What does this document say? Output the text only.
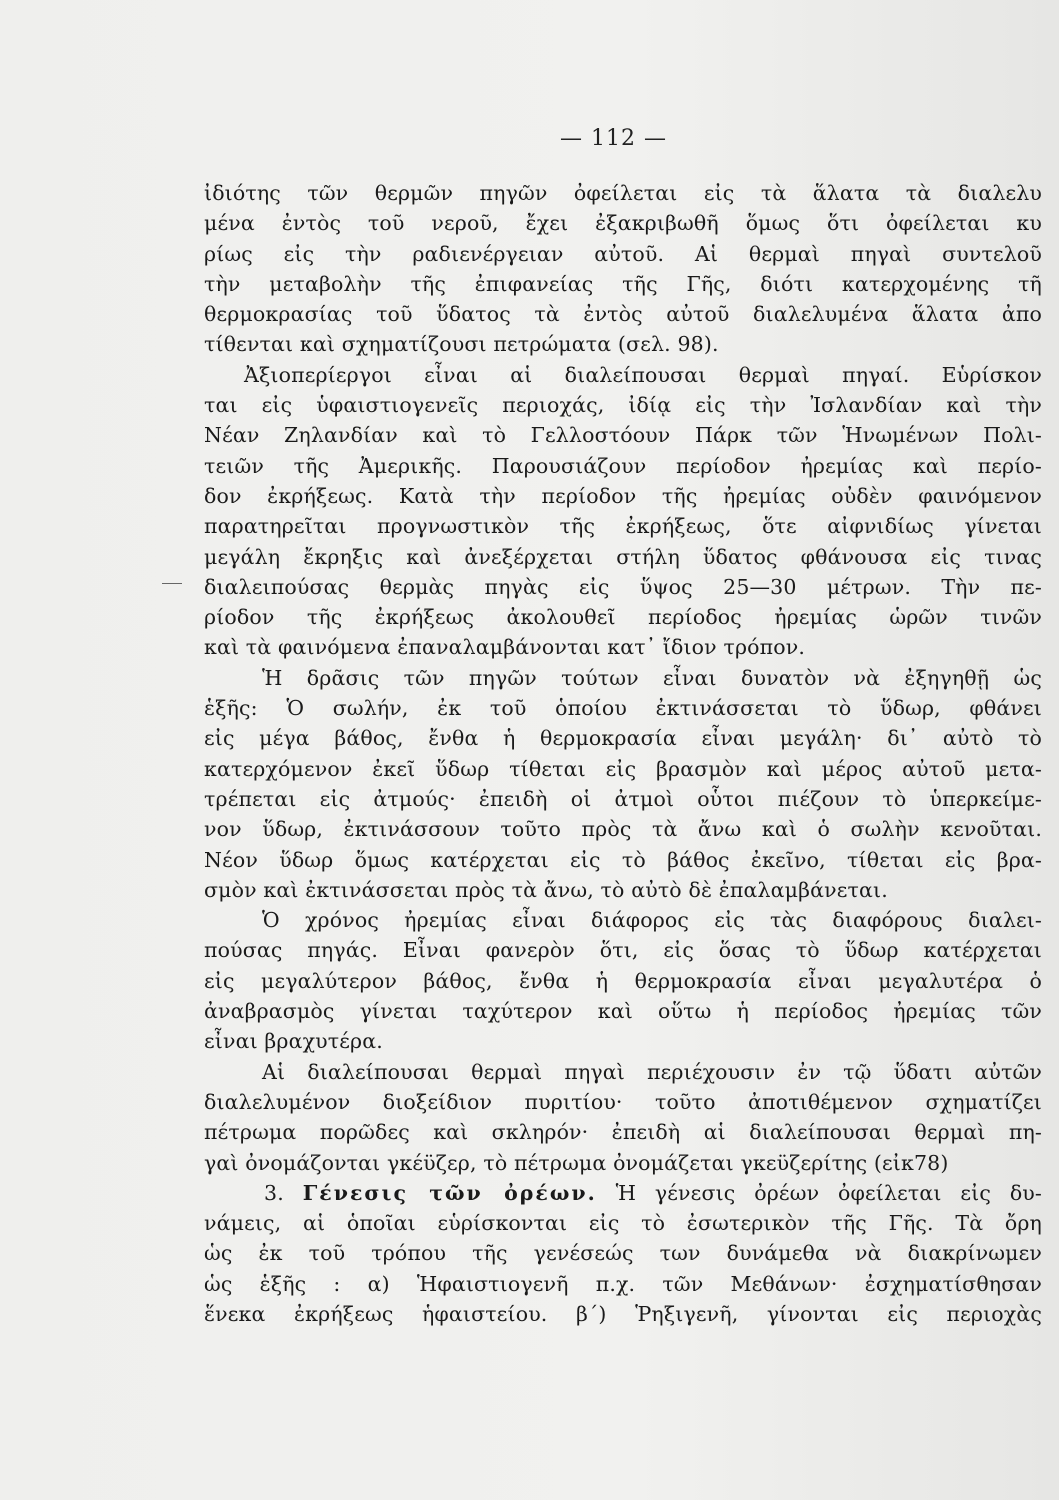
— 112 —
ἰδιότης τῶν θερμῶν πηγῶν ὀφείλεται εἰς τὰ ἅλατα τὰ διαλελυ
μένα ἐντὸς τοῦ νεροῦ, ἔχει ἐξακριβωθῆ ὅμως ὅτι ὀφείλεται κυ
ρίως εἰς τὴν ραδιενέργειαν αὐτοῦ. Αἱ θερμαὶ πηγαὶ συντελοῦ
τὴν μεταβολὴν τῆς ἐπιφανείας τῆς Γῆς, διότι κατερχομένης τῆ
θερμοκρασίας τοῦ ὕδατος τὰ ἐντὸς αὐτοῦ διαλελυμένα ἅλατα ἀπο
τίθενται καὶ σχηματίζουσι πετρώματα (σελ. 98).
Ἀξιοπερίεργοι εἶναι αἱ διαλείπουσαι θερμαὶ πηγαί. Εὑρίσκον
ται εἰς ὑφαιστιογενεῖς περιοχάς, ἰδίᾳ εἰς τὴν Ἰσλανδίαν καὶ τὴν
Νέαν Ζηλανδίαν καὶ τὸ Γελλοστόουν Πάρκ τῶν Ἡνωμένων Πολι-
τειῶν τῆς Ἀμερικῆς. Παρουσιάζουν περίοδον ἠρεμίας καὶ περίο-
δον ἐκρήξεως. Κατὰ τὴν περίοδον τῆς ἠρεμίας οὐδὲν φαινόμενον
παρατηρεῖται προγνωστικὸν τῆς ἐκρήξεως, ὅτε αἰφνιδίως γίνεται
μεγάλη ἔκρηξις καὶ ἀνεξέρχεται στήλη ὕδατος φθάνουσα εἰς τινας
διαλειπούσας θερμὰς πηγὰς εἰς ὕψος 25—30 μέτρων. Τὴν πε-
ρίοδον τῆς ἐκρήξεως ἀκολουθεῖ περίοδος ἠρεμίας ὡρῶν τινῶν
καὶ τὰ φαινόμενα ἐπαναλαμβάνονται κατ᾽ ἴδιον τρόπον.
Ἡ δρᾶσις τῶν πηγῶν τούτων εἶναι δυνατὸν νὰ ἐξηγηθῇ ὡς
ἑξῆς: Ὁ σωλήν, ἐκ τοῦ ὁποίου ἐκτινάσσεται τὸ ὕδωρ, φθάνει
εἰς μέγα βάθος, ἔνθα ἡ θερμοκρασία εἶναι μεγάλη· δι᾽ αὐτὸ τὸ
κατερχόμενον ἐκεῖ ὕδωρ τίθεται εἰς βρασμὸν καὶ μέρος αὐτοῦ μετα-
τρέπεται εἰς ἀτμούς· ἐπειδὴ οἱ ἀτμοὶ οὗτοι πιέζουν τὸ ὑπερκείμε-
νον ὕδωρ, ἐκτινάσσουν τοῦτο πρὸς τὰ ἄνω καὶ ὁ σωλὴν κενοῦται.
Νέον ὕδωρ ὅμως κατέρχεται εἰς τὸ βάθος ἐκεῖνο, τίθεται εἰς βρα-
σμὸν καὶ ἐκτινάσσεται πρὸς τὰ ἄνω, τὸ αὐτὸ δὲ ἐπαλαμβάνεται.
Ὁ χρόνος ἠρεμίας εἶναι διάφορος εἰς τὰς διαφόρους διαλει-
πούσας πηγάς. Εἶναι φανερὸν ὅτι, εἰς ὅσας τὸ ὕδωρ κατέρχεται
εἰς μεγαλύτερον βάθος, ἔνθα ἡ θερμοκρασία εἶναι μεγαλυτέρα ὁ
ἀναβρασμὸς γίνεται ταχύτερον καὶ οὕτω ἡ περίοδος ἠρεμίας τῶν
εἶναι βραχυτέρα.
Αἱ διαλείπουσαι θερμαὶ πηγαὶ περιέχουσιν ἐν τῷ ὕδατι αὐτῶν
διαλελυμένον διοξείδιον πυριτίου· τοῦτο ἀποτιθέμενον σχηματίζει
πέτρωμα πορῶδες καὶ σκληρόν· ἐπειδὴ αἱ διαλείπουσαι θερμαὶ πη-
γαὶ ὀνομάζονται γκέϋζερ, τὸ πέτρωμα ὀνομάζεται γκεϋζερίτης (εἰκ78)
3. Γένεσις τῶν ὀρέων. Ἡ γένεσις ὀρέων ὀφείλεται εἰς δυ-
νάμεις, αἱ ὁποῖαι εὑρίσκονται εἰς τὸ ἐσωτερικὸν τῆς Γῆς. Τὰ ὄρη
ὡς ἐκ τοῦ τρόπου τῆς γενέσεώς των δυνάμεθα νὰ διακρίνωμεν
ὡς ἑξῆς : α) Ἡφαιστιογενῆ π.χ. τῶν Μεθάνων· ἐσχηματίσθησαν
ἕνεκα ἐκρήξεως ἡφαιστείου. β´) Ῥηξιγενῆ, γίνονται εἰς περιοχὰς
